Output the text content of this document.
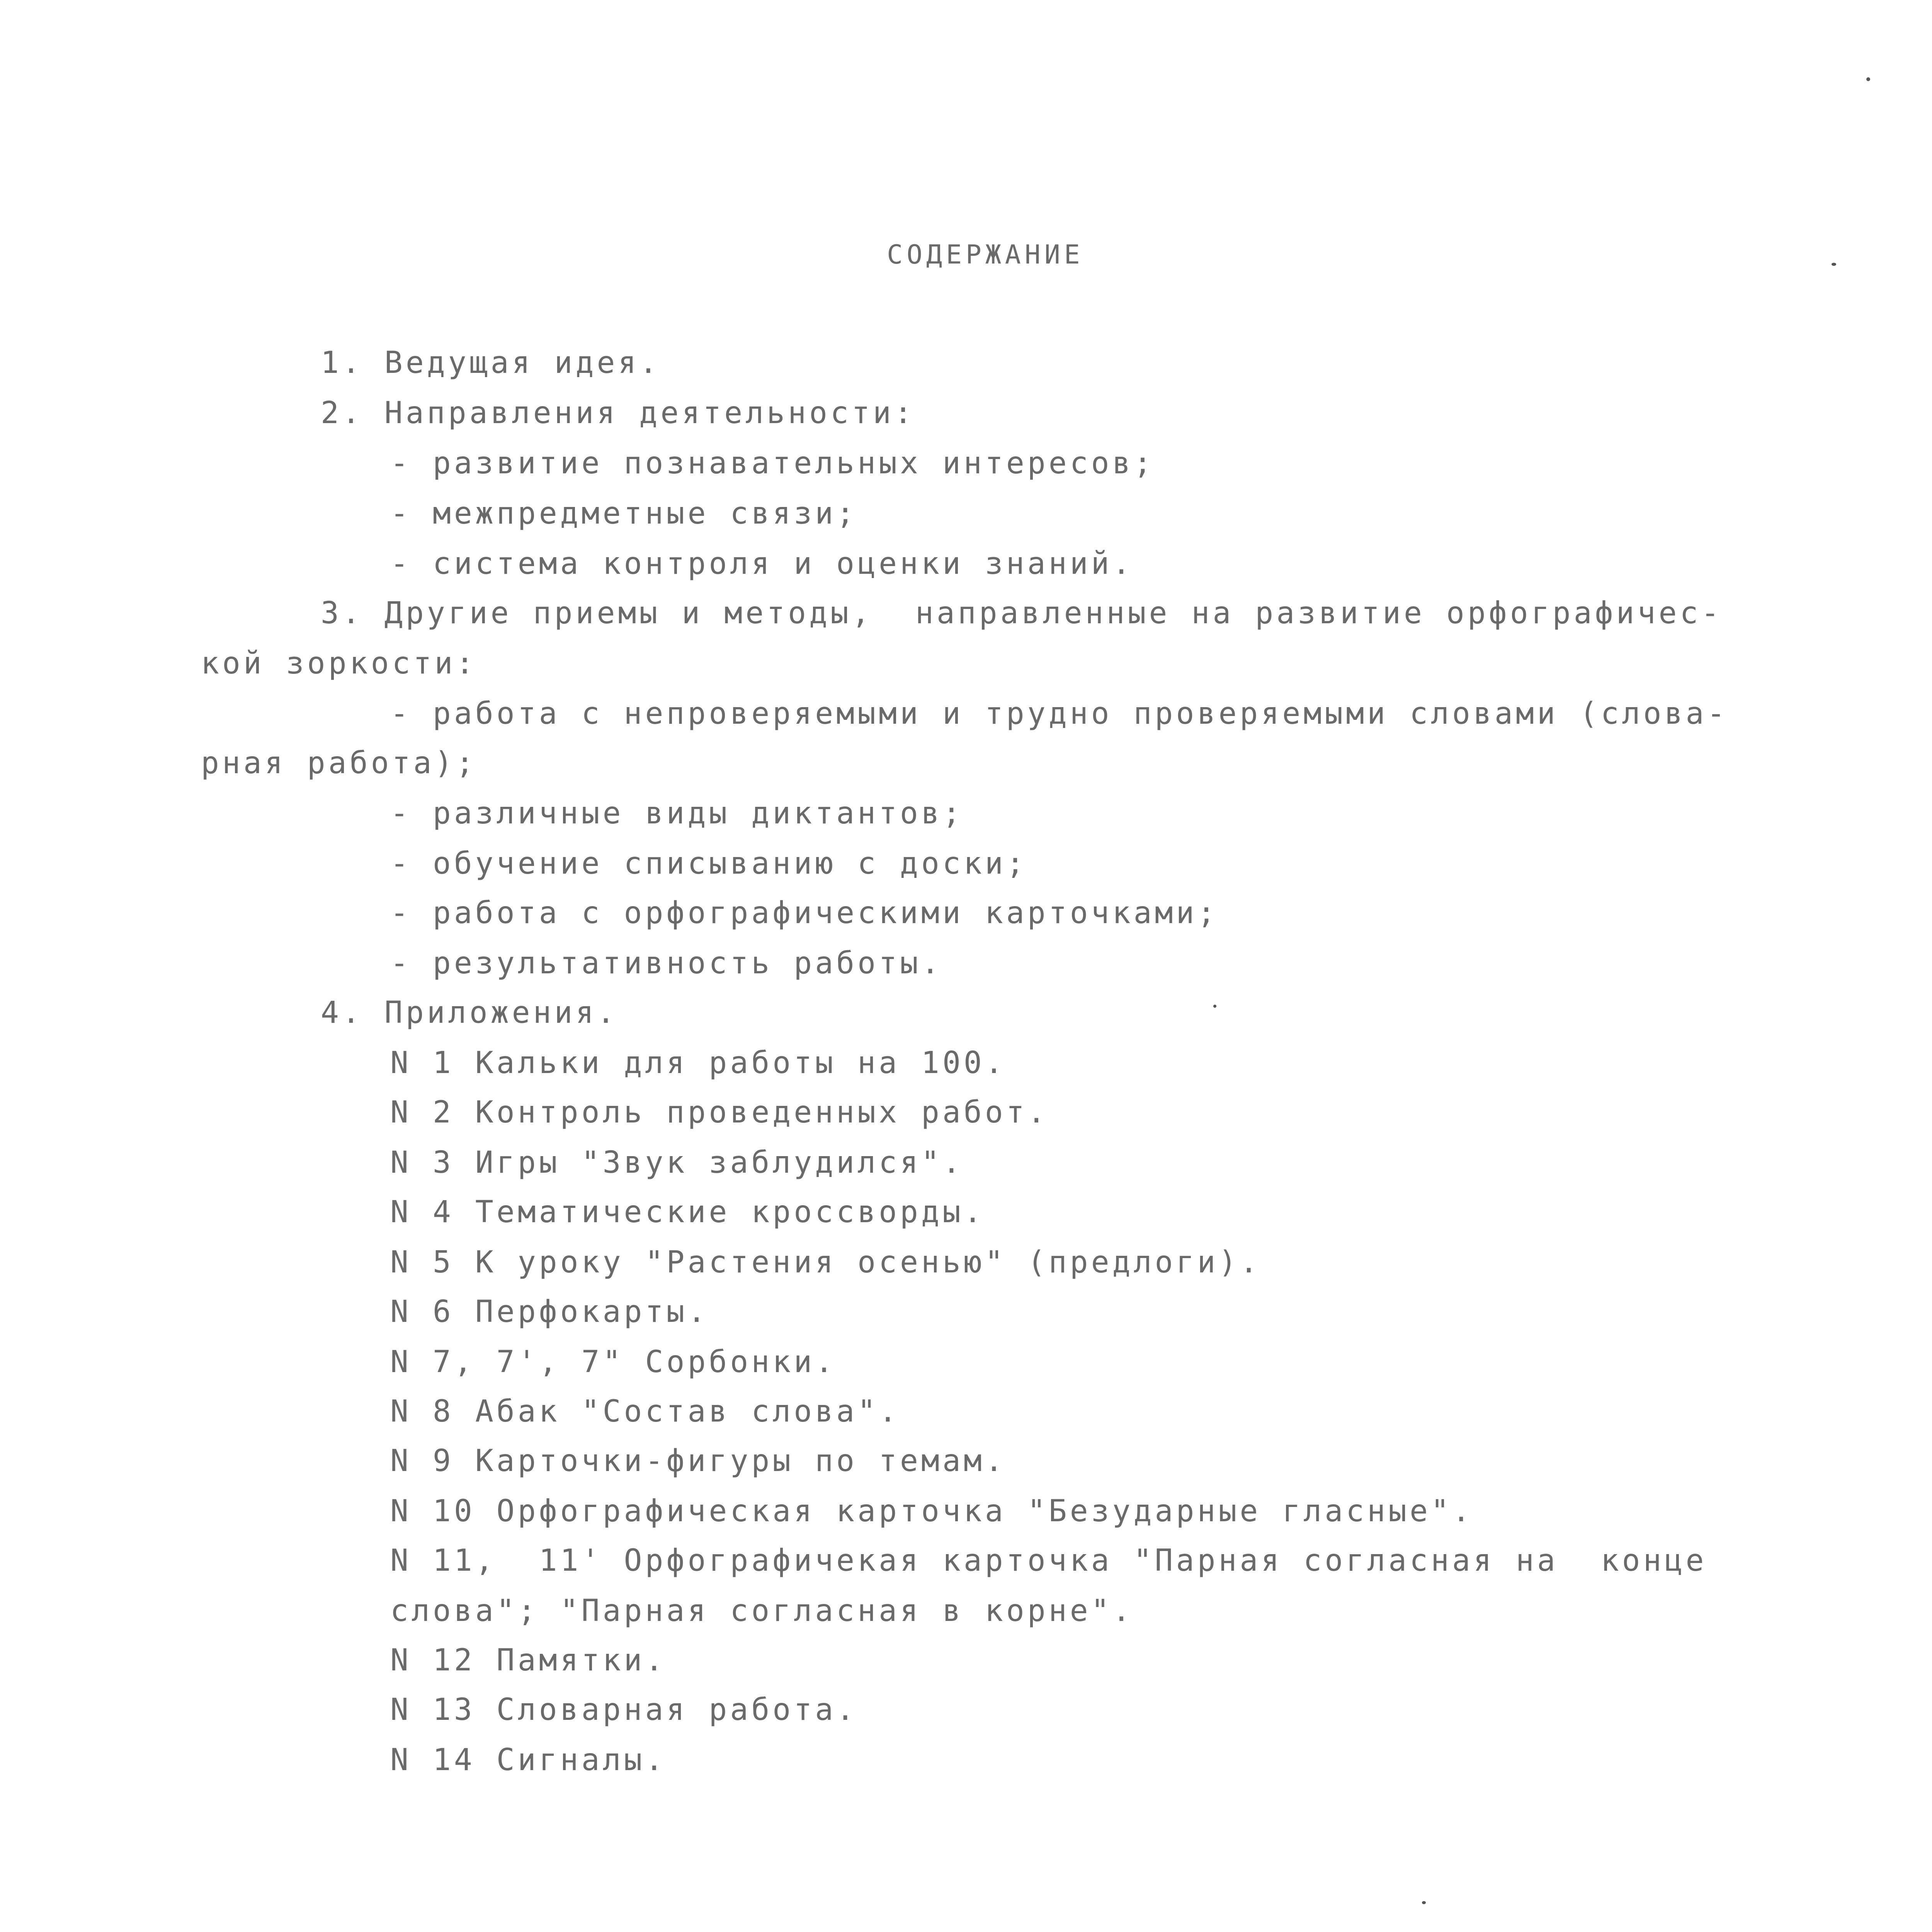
СОДЕРЖАНИЕ
1. Ведущая идея.
2. Направления деятельности:
- развитие познавательных интересов;
- межпредметные связи;
- система контроля и оценки знаний.
3. Другие приемы и методы,  направленные на развитие орфографичес-
кой зоркости:
- работа с непроверяемыми и трудно проверяемыми словами (слова-
рная работа);
- различные виды диктантов;
- обучение списыванию с доски;
- работа с орфографическими карточками;
- результативность работы.
4. Приложения.
N 1 Кальки для работы на 100.
N 2 Контроль проведенных работ.
N 3 Игры "Звук заблудился".
N 4 Тематические кроссворды.
N 5 К уроку "Растения осенью" (предлоги).
N 6 Перфокарты.
N 7, 7', 7" Сорбонки.
N 8 Абак "Состав слова".
N 9 Карточки-фигуры по темам.
N 10 Орфографическая карточка "Безударные гласные".
N 11,  11' Орфографичекая карточка "Парная согласная на  конце
слова"; "Парная согласная в корне".
N 12 Памятки.
N 13 Словарная работа.
N 14 Сигналы.
